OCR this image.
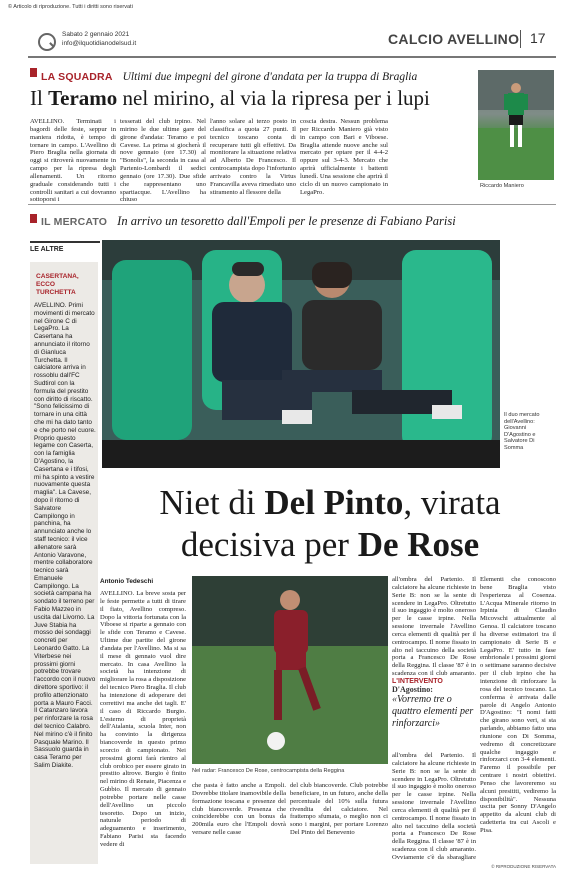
© Articolo di riproduzione. Tutti i diritti sono riservati
Sabato 2 gennaio 2021
info@ilquotidianodelsud.it	CALCIO AVELLINO 17
LA SQUADRA Ultimi due impegni del girone d'andata per la truppa di Braglia
Il Teramo nel mirino, al via la ripresa per i lupi
AVELLINO. Terminati i bagordi delle feste, seppur in maniera ridotta, è tempo di tornare in campo. L'Avellino di Piero Braglia nella giornata di oggi si ritroverà nuovamente in campo per la ripresa degli allenamenti. Un ritorno graduale considerando tutti i controlli sanitari a cui dovranno sottoporsi i
tesserati del club irpino. Nel mirino le due ultime gare del girone d'andata: Teramo e poi Cavese. La prima si giocherà il nove gennaio (ore 17.30) al "Bonolis", la seconda in casa al Partenio-Lombardi il sedici gennaio (ore 17.30). Due sfide che rappresentano uno spartiacque. L'Avellino ha chiuso
l'anno solare al terzo posto in classifica a quota 27 punti. Il tecnico toscano conta di recuperare tutti gli effettivi. Da monitorare la situazione relativa ad Alberto De Francesco. Il centrocampista dopo l'infortunio arrivato contro la Virtus Francavilla aveva rimediato uno stiramento al flessore della
coscia destra. Nessun problema per Riccardo Maniero già visto in campo con Bari e Viboese. Braglia attende nuove anche sul mercato per optare per il 4-4-2 oppure sul 3-4-3. Mercato che aprirà ufficialmente i battenti lunedì. Una sessione che aprirà il ciclo di un nuovo campionato in LegaPro.
Riccardo Maniero
IL MERCATO In arrivo un tesoretto dall'Empoli per le presenze di Fabiano Parisi
LE ALTRE
CASERTANA, ECCO TURCHETTA
AVELLINO. Primi movimenti di mercato nel Girone C di LegaPro. La Casertana ha annunciato il ritorno di Gianluca Turchetta. Il calciatore arriva in rossoblu dall'FC Sudtirol con la formula del prestito con diritto di riscatto. "Sono felicissimo di tornare in una città che mi ha dato tanto e che porto nel cuore. Proprio questo legame con Caserta, con la famiglia D'Agostino, la Casertana e i tifosi, mi ha spinto a vestire nuovamente questa maglia". La Cavese, dopo il ritorno di Salvatore Campilongo in panchina, ha annunciato anche lo staff tecnico: il vice allenatore sarà Antonio Varavone, mentre collaboratore tecnico sarà Emanuele Campilongo. La società campana ha sondato il terreno per Fabio Mazzeo in uscita dal Livorno. La Juve Stabia ha mosso dei sondaggi concreti per Leonardo Gatto. La Viterbese nei prossimi giorni potrebbe trovare l'accordo con il nuovo direttore sportivo: il profilo attenzionato porta a Mauro Facci. Il Catanzaro lavora per rinforzare la rosa del tecnico Calabro. Nel mirino c'è il finito Pasquale Marino. Il Sassuolo guarda in casa Teramo per Salim Diakite.
Il duo mercato dell'Avellino: Giovanni D'Agostino e Salvatore Di Somma
Niet di Del Pinto, virata
decisiva per De Rose
Antonio Tedeschi
AVELLINO. La breve sosta per le feste permette a tutti di tirare il fiato, Avellino compreso. Dopo la vittoria fortunata con la Viboese si riparte a gennaio con le sfide con Teramo e Cavese. Ultime due partite del girone d'andata per l'Avellino. Ma si sa il mese di gennaio vuol dire mercato. In casa Avellino la società ha intenzione di migliorare la rosa a disposizione del tecnico Piero Braglia. Il club ha intenzione di adoperare dei correttivi ma anche dei tagli. E' il caso di Riccardo Burgio. L'esterno di proprietà dell'Atalanta, scuola Inter, non ha convinto la dirigenza biancoverde in questo primo scorcio di campionato. Nei prossimi giorni farà rientro al club orobico per essere girato in prestito altrove. Burgio è finito nel mirino di Renate, Piacenza e Gubbio. Il mercato di gennaio potrebbe portare nelle casse dell'Avellino un piccolo tesoretto. Dopo un inizio, naturale periodo di adeguamento e inserimento, Fabiano Parisi sta facendo vedere di
Nel radar: Francesco De Rose, centrocampista della Reggina
che pasta è fatto anche a Empoli. Dovrebbe titolare inamovibile della formazione toscana e presenze del club biancoverde. Presenza che coinciderebbe con un bonus da 200mila euro che l'Empoli dovrà versare nelle casse
del club biancoverde. Club potrebbe beneficiare, in un futuro, anche della percentuale del 10% sulla futura rivendita del calciatore. Nel frattempo sfumata, o meglio non ci sono i margini, per portare Lorenzo Del Pinto del Benevento
all'ombra del Partenio. Il calciatore ha alcune richieste in Serie B: non se la sente di scendere in LegaPro. Oltretutto il suo ingaggio è molto oneroso per le casse irpine. Nella sessione invernale l'Avellino cerca elementi di qualità per il centrocampo. Il nome fissato in alto nel taccuino della società porta a Francesco De Rose della Reggina. Il classe '87 è in scadenza con il club amaranto.
L'INTERVENTO
D'Agostino:
«Vorremo tre o quattro elementi per rinforzarci»
all'ombra del Partenio. Il calciatore ha alcune richieste in Serie B: non se la sente di scendere in LegaPro. Oltretutto il suo ingaggio è molto oneroso per le casse irpine. Nella sessione invernale l'Avellino cerca elementi di qualità per il centrocampo. Il nome fissato in alto nel taccuino della società porta a Francesco De Rose della Reggina. Il classe '87 è in scadenza con il club amaranto. Ovviamente c'è da sbaragliare
Elementi che conoscono bene Braglia visto l'esperienza al Cosenza. L'Acqua Minerale ritorno in Irpinia di Claudio Micovschi attualmente al Genoa. Il calciatore toscano ha diverse estimatori tra il campionato di Serie B e LegaPro. E' tutto in fase embrionale i prossimi giorni o settimane saranno decisive per il club irpino che ha intenzione di rinforzare la rosa del tecnico toscano. La conferma è arrivata dalle parole di Angelo Antonio D'Agostino: "I nomi fatti che girano sono veri, si sta parlando, abbiamo fatto una riunione con Di Somma, vedremo di concretizzare qualche ingaggio e rinforzarci con 3-4 elementi. Faremo il possibile per centrare i nostri obiettivi. Penso che lavoreremo su alcuni presititi, vediremo la disponibilità". Nessuna uscita per Sonny D'Angelo appetito da alcuni club di cadetteria tra cui Ascoli e Pisa.
© RIPRODUZIONE RISERVATA
